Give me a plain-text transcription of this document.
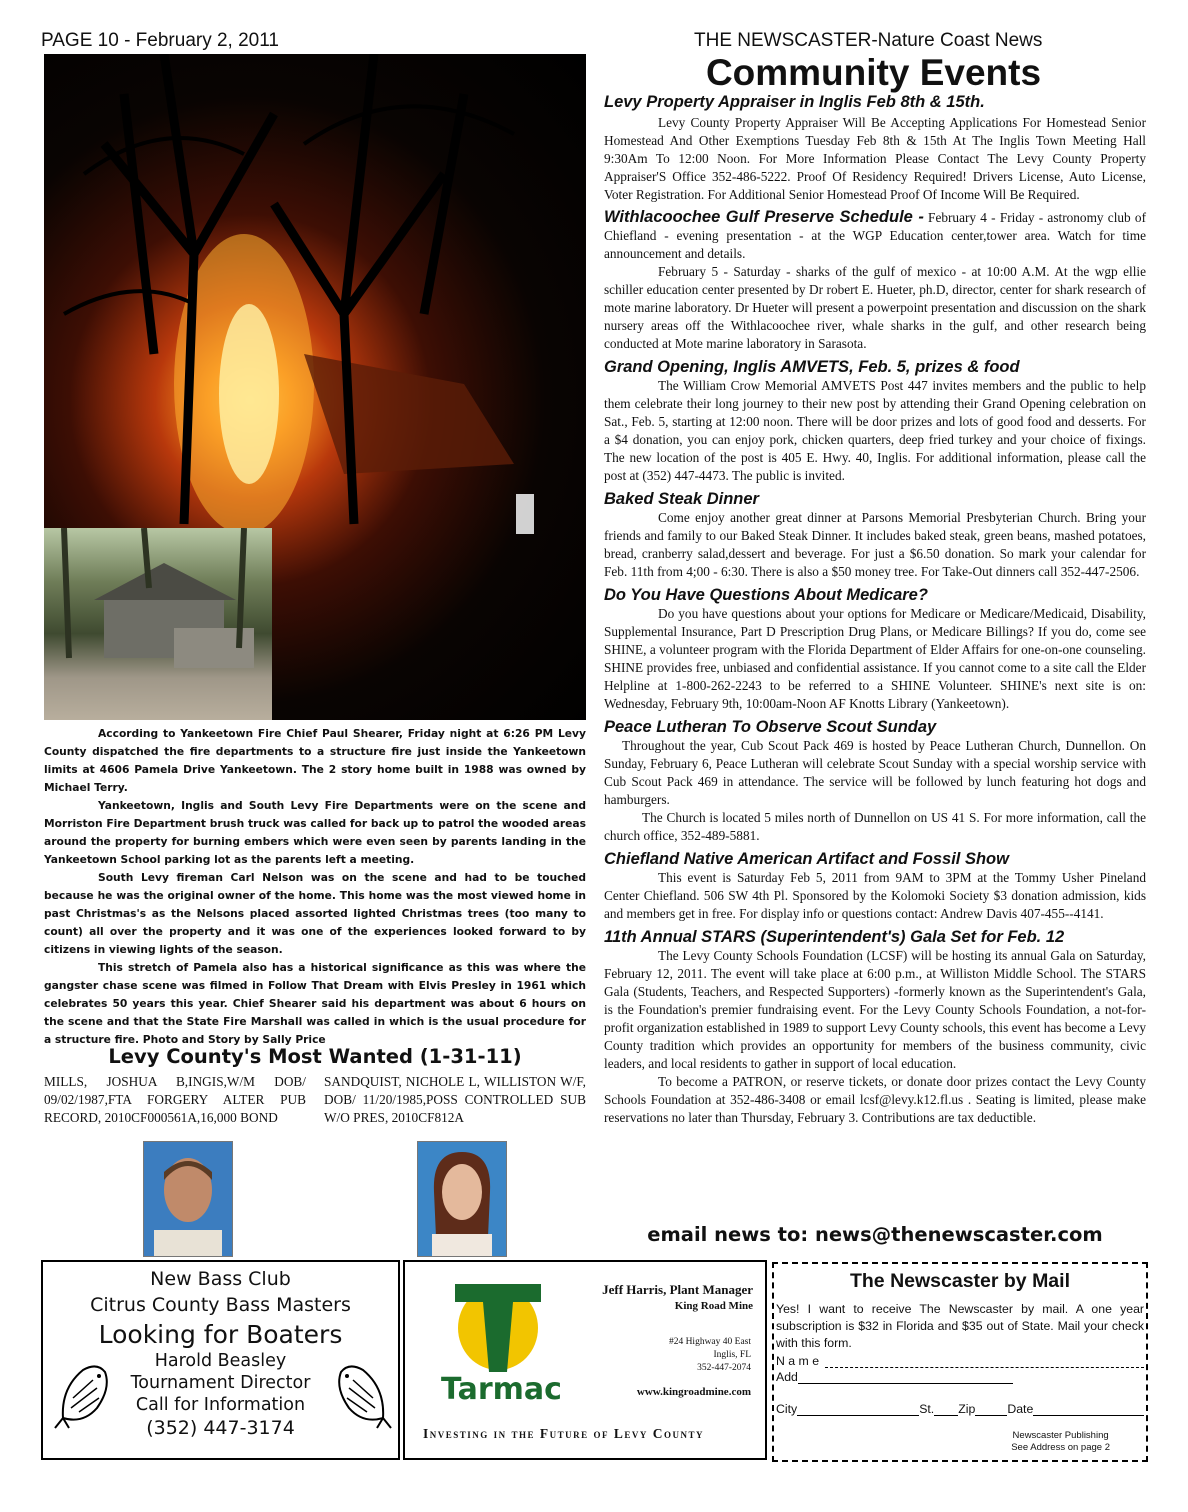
PAGE 10 - February 2, 2011	THE NEWSCASTER-Nature Coast News
Community Events

According to Yankeetown Fire Chief Paul Shearer, Friday night at 6:26 PM Levy County dispatched the fire departments to a structure fire just inside the Yankeetown limits at 4606 Pamela Drive Yankeetown. The 2 story home built in 1988 was owned by Michael Terry.

Yankeetown, Inglis and South Levy Fire Departments were on the scene and Morriston Fire Department brush truck was called for back up to patrol the wooded areas around the property for burning embers which were even seen by parents landing in the Yankeetown School parking lot as the parents left a meeting.

South Levy fireman Carl Nelson was on the scene and had to be touched because he was the original owner of the home. This home was the most viewed home in past Christmas's as the Nelsons placed assorted lighted Christmas trees (too many to count) all over the property and it was one of the experiences looked forward to by citizens in viewing lights of the season.

This stretch of Pamela also has a historical significance as this was where the gangster chase scene was filmed in Follow That Dream with Elvis Presley in 1961 which celebrates 50 years this year. Chief Shearer said his department was about 6 hours on the scene and that the State Fire Marshall was called in which is the usual procedure for a structure fire. Photo and Story by Sally Price

Levy County's Most Wanted (1-31-11)
MILLS, JOSHUA B,INGIS,W/M DOB/ 09/02/1987,FTA FORGERY ALTER PUB RECORD, 2010CF000561A,16,000 BOND
SANDQUIST, NICHOLE L, WILLISTON W/F, DOB/ 11/20/1985,POSS CONTROLLED SUB W/O PRES, 2010CF812A

Levy Property Appraiser in Inglis Feb 8th & 15th.

Levy County Property Appraiser Will Be Accepting Applications For Homestead Senior Homestead And Other Exemptions Tuesday Feb 8th & 15th At The Inglis Town Meeting Hall 9:30Am To 12:00 Noon. For More Information Please Contact The Levy County Property Appraiser'S Office 352-486-5222. Proof Of Residency Required! Drivers License, Auto License, Voter Registration. For Additional Senior Homestead Proof Of Income Will Be Required.

Withlacoochee Gulf Preserve Schedule - February 4 - Friday - astronomy club of Chiefland - evening presentation - at the WGP Education center,tower area. Watch for time announcement and details.

February 5 - Saturday - sharks of the gulf of mexico - at 10:00 A.M. At the wgp ellie schiller education center presented by Dr robert E. Hueter, ph.D, director, center for shark research of mote marine laboratory. Dr Hueter will present a powerpoint presentation and discussion on the shark nursery areas off the Withlacoochee river, whale sharks in the gulf, and other research being conducted at Mote marine laboratory in Sarasota.

Grand Opening, Inglis AMVETS, Feb. 5, prizes & food

The William Crow Memorial AMVETS Post 447 invites members and the public to help them celebrate their long journey to their new post by attending their Grand Opening celebration on Sat., Feb. 5, starting at 12:00 noon. There will be door prizes and lots of good food and desserts. For a $4 donation, you can enjoy pork, chicken quarters, deep fried turkey and your choice of fixings. The new location of the post is 405 E. Hwy. 40, Inglis. For additional information, please call the post at (352) 447-4473. The public is invited.

Baked Steak Dinner

Come enjoy another great dinner at Parsons Memorial Presbyterian Church. Bring your friends and family to our Baked Steak Dinner. It includes baked steak, green beans, mashed potatoes, bread, cranberry salad,dessert and beverage. For just a $6.50 donation. So mark your calendar for Feb. 11th from 4;00 - 6:30. There is also a $50 money tree. For Take-Out dinners call 352-447-2506.

Do You Have Questions About Medicare?

Do you have questions about your options for Medicare or Medicare/Medicaid, Disability, Supplemental Insurance, Part D Prescription Drug Plans, or Medicare Billings? If you do, come see SHINE, a volunteer program with the Florida Department of Elder Affairs for one-on-one counseling. SHINE provides free, unbiased and confidential assistance. If you cannot come to a site call the Elder Helpline at 1-800-262-2243 to be referred to a SHINE Volunteer. SHINE's next site is on: Wednesday, February 9th, 10:00am-Noon AF Knotts Library (Yankeetown).

Peace Lutheran To Observe Scout Sunday

Throughout the year, Cub Scout Pack 469 is hosted by Peace Lutheran Church, Dunnellon. On Sunday, February 6, Peace Lutheran will celebrate Scout Sunday with a special worship service with Cub Scout Pack 469 in attendance. The service will be followed by lunch featuring hot dogs and hamburgers.

The Church is located 5 miles north of Dunnellon on US 41 S. For more information, call the church office, 352-489-5881.

Chiefland Native American Artifact and Fossil Show

This event is Saturday Feb 5, 2011 from 9AM to 3PM at the Tommy Usher Pineland Center Chiefland. 506 SW 4th Pl. Sponsored by the Kolomoki Society $3 donation admission, kids and members get in free. For display info or questions contact: Andrew Davis 407-455--4141.

11th Annual STARS (Superintendent's) Gala Set for Feb. 12

The Levy County Schools Foundation (LCSF) will be hosting its annual Gala on Saturday, February 12, 2011. The event will take place at 6:00 p.m., at Williston Middle School. The STARS Gala (Students, Teachers, and Respected Supporters) -formerly known as the Superintendent's Gala, is the Foundation's premier fundraising event. For the Levy County Schools Foundation, a not-for-profit organization established in 1989 to support Levy County schools, this event has become a Levy County tradition which provides an opportunity for members of the business community, civic leaders, and local residents to gather in support of local education.

To become a PATRON, or reserve tickets, or donate door prizes contact the Levy County Schools Foundation at 352-486-3408 or email lcsf@levy.k12.fl.us . Seating is limited, please make reservations no later than Thursday, February 3. Contributions are tax deductible.

email news to: news@thenewscaster.com
New Bass Club
Citrus County Bass Masters
Looking for Boaters
Harold Beasley
Tournament Director
Call for Information
(352) 447-3174
Tarmac
Jeff Harris, Plant Manager
King Road Mine
#24 Highway 40 East
Inglis, FL
352-447-2074
www.kingroadmine.com
Investing in the Future of Levy County
The Newscaster by Mail
Yes! I want to receive The Newscaster by mail. A one year subscription is $32 in Florida and $35 out of State. Mail your check with this form.
N a m e
Add
City	St. Zip	Date
Newscaster Publishing
See Address on page 2
